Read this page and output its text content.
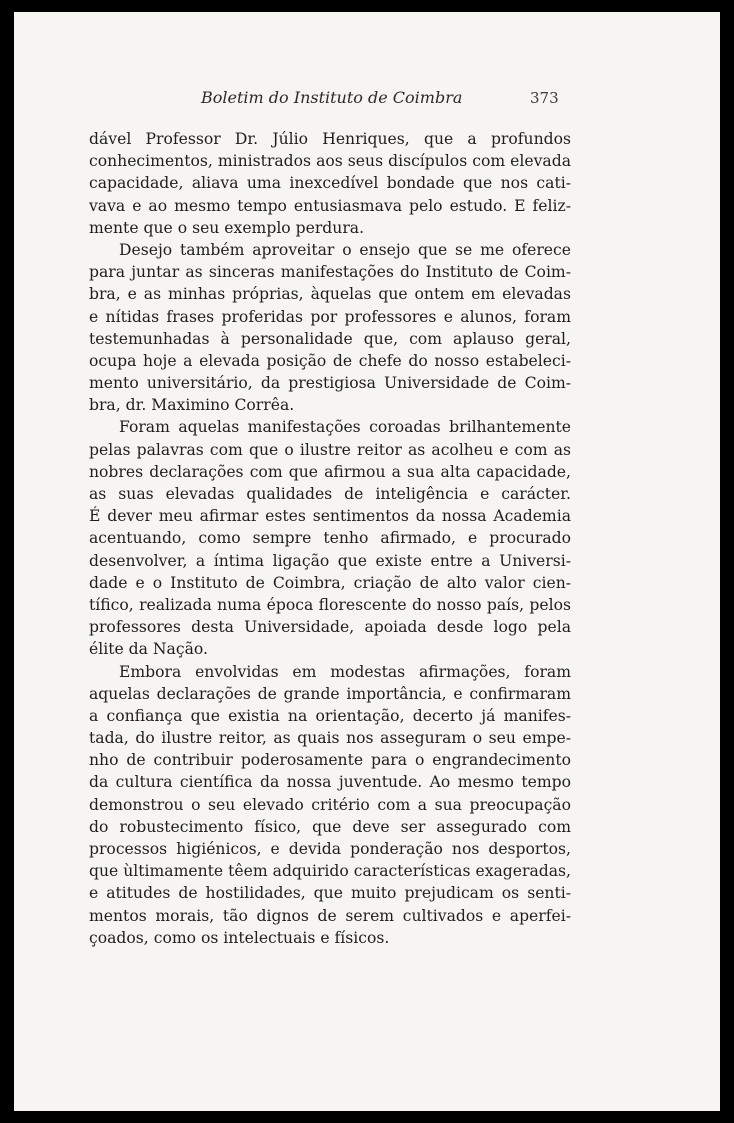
Boletim do Instituto de Coimbra	373
dável Professor Dr. Júlio Henriques, que a profundos
conhecimentos, ministrados aos seus discípulos com elevada
capacidade, aliava uma inexcedível bondade que nos cati-
vava e ao mesmo tempo entusiasmava pelo estudo. E feliz-
mente que o seu exemplo perdura.
Desejo também aproveitar o ensejo que se me oferece
para juntar as sinceras manifestações do Instituto de Coim-
bra, e as minhas próprias, àquelas que ontem em elevadas
e nítidas frases proferidas por professores e alunos, foram
testemunhadas à personalidade que, com aplauso geral,
ocupa hoje a elevada posição de chefe do nosso estabeleci-
mento universitário, da prestigiosa Universidade de Coim-
bra, dr. Maximino Corrêa.
Foram aquelas manifestações coroadas brilhantemente
pelas palavras com que o ilustre reitor as acolheu e com as
nobres declarações com que afirmou a sua alta capacidade,
as suas elevadas qualidades de inteligência e carácter.
É dever meu afirmar estes sentimentos da nossa Academia
acentuando, como sempre tenho afirmado, e procurado
desenvolver, a íntima ligação que existe entre a Universi-
dade e o Instituto de Coimbra, criação de alto valor cien-
tífico, realizada numa época florescente do nosso país, pelos
professores desta Universidade, apoiada desde logo pela
élite da Nação.
Embora envolvidas em modestas afirmações, foram
aquelas declarações de grande importância, e confirmaram
a confiança que existia na orientação, decerto já manifes-
tada, do ilustre reitor, as quais nos asseguram o seu empe-
nho de contribuir poderosamente para o engrandecimento
da cultura científica da nossa juventude. Ao mesmo tempo
demonstrou o seu elevado critério com a sua preocupação
do robustecimento físico, que deve ser assegurado com
processos higiénicos, e devida ponderação nos desportos,
que ùltimamente têem adquirido características exageradas,
e atitudes de hostilidades, que muito prejudicam os senti-
mentos morais, tão dignos de serem cultivados e aperfei-
çoados, como os intelectuais e físicos.
